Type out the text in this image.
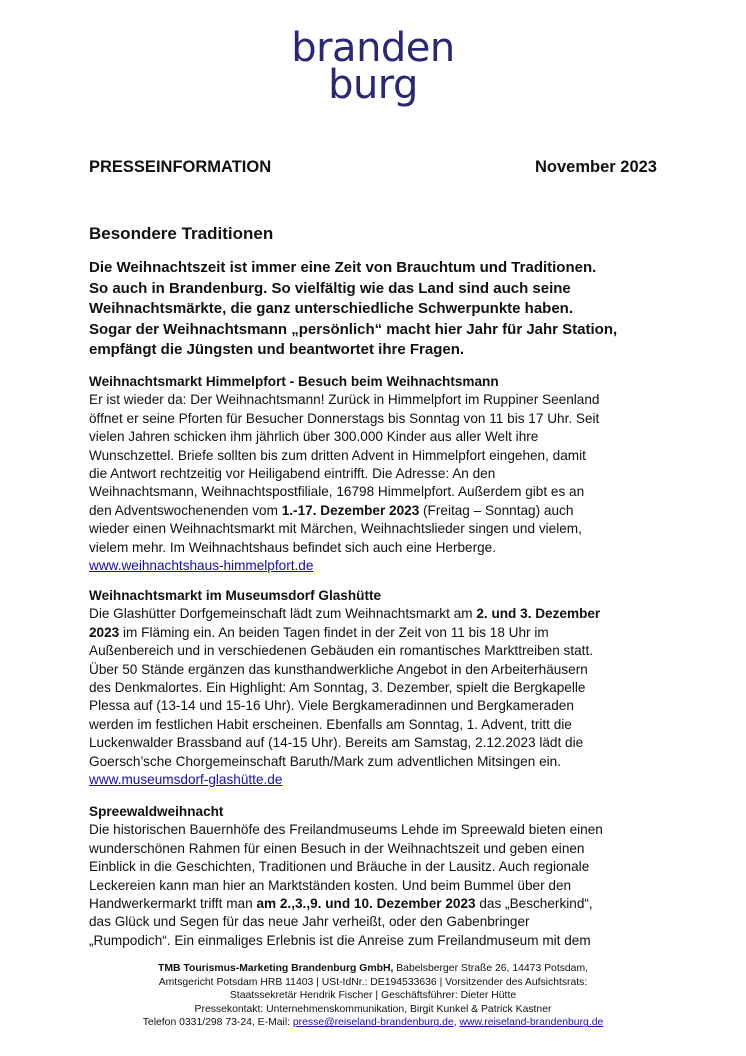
branden
burg
PRESSEINFORMATION	November 2023
Besondere Traditionen
Die Weihnachtszeit ist immer eine Zeit von Brauchtum und Traditionen.
So auch in Brandenburg. So vielfältig wie das Land sind auch seine
Weihnachtsmärkte, die ganz unterschiedliche Schwerpunkte haben.
Sogar der Weihnachtsmann „persönlich“ macht hier Jahr für Jahr Station,
empfängt die Jüngsten und beantwortet ihre Fragen.
Weihnachtsmarkt Himmelpfort - Besuch beim Weihnachtsmann
Er ist wieder da: Der Weihnachtsmann! Zurück in Himmelpfort im Ruppiner Seenland
öffnet er seine Pforten für Besucher Donnerstags bis Sonntag von 11 bis 17 Uhr. Seit
vielen Jahren schicken ihm jährlich über 300.000 Kinder aus aller Welt ihre
Wunschzettel. Briefe sollten bis zum dritten Advent in Himmelpfort eingehen, damit
die Antwort rechtzeitig vor Heiligabend eintrifft. Die Adresse: An den
Weihnachtsmann, Weihnachtspostfiliale, 16798 Himmelpfort. Außerdem gibt es an
den Adventswochenenden vom 1.-17. Dezember 2023 (Freitag – Sonntag) auch
wieder einen Weihnachtsmarkt mit Märchen, Weihnachtslieder singen und vielem,
vielem mehr. Im Weihnachtshaus befindet sich auch eine Herberge.
www.weihnachtshaus-himmelpfort.de
Weihnachtsmarkt im Museumsdorf Glashütte
Die Glashütter Dorfgemeinschaft lädt zum Weihnachtsmarkt am 2. und 3. Dezember
2023 im Fläming ein. An beiden Tagen findet in der Zeit von 11 bis 18 Uhr im
Außenbereich und in verschiedenen Gebäuden ein romantisches Markttreiben statt.
Über 50 Stände ergänzen das kunsthandwerkliche Angebot in den Arbeiterhäusern
des Denkmalortes. Ein Highlight: Am Sonntag, 3. Dezember, spielt die Bergkapelle
Plessa auf (13-14 und 15-16 Uhr). Viele Bergkameradinnen und Bergkameraden
werden im festlichen Habit erscheinen. Ebenfalls am Sonntag, 1. Advent, tritt die
Luckenwalder Brassband auf (14-15 Uhr). Bereits am Samstag, 2.12.2023 lädt die
Goersch’sche Chorgemeinschaft Baruth/Mark zum adventlichen Mitsingen ein.
www.museumsdorf-glashütte.de
Spreewaldweihnacht
Die historischen Bauernhöfe des Freilandmuseums Lehde im Spreewald bieten einen
wunderschönen Rahmen für einen Besuch in der Weihnachtszeit und geben einen
Einblick in die Geschichten, Traditionen und Bräuche in der Lausitz. Auch regionale
Leckereien kann man hier an Marktständen kosten. Und beim Bummel über den
Handwerkermarkt trifft man am 2.,3.,9. und 10. Dezember 2023 das „Bescherkind“,
das Glück und Segen für das neue Jahr verheißt, oder den Gabenbringer
„Rumpodich“. Ein einmaliges Erlebnis ist die Anreise zum Freilandmuseum mit dem
TMB Tourismus-Marketing Brandenburg GmbH, Babelsberger Straße 26, 14473 Potsdam,
Amtsgericht Potsdam HRB 11403 | USt-IdNr.: DE194533636 | Vorsitzender des Aufsichtsrats:
Staatssekretär Hendrik Fischer | Geschäftsführer: Dieter Hütte
Pressekontakt: Unternehmenskommunikation, Birgit Kunkel & Patrick Kastner
Telefon 0331/298 73-24, E-Mail: presse@reiseland-brandenburg.de, www.reiseland-brandenburg.de
